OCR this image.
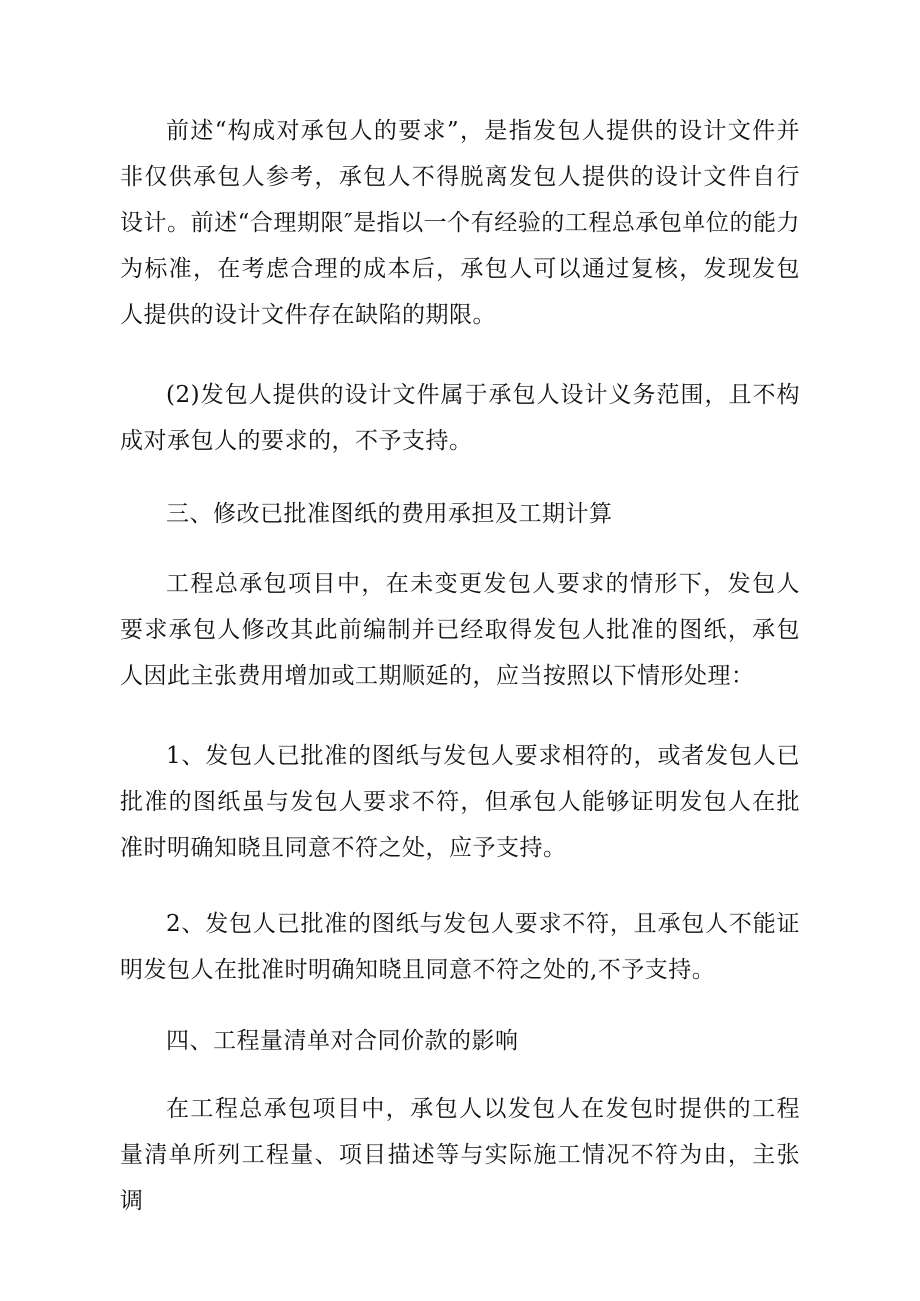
前述“构成对承包人的要求”，是指发包人提供的设计文件并非仅供承包人参考，承包人不得脱离发包人提供的设计文件自行设计。前述“合理期限″是指以一个有经验的工程总承包单位的能力为标准，在考虑合理的成本后，承包人可以通过复核，发现发包人提供的设计文件存在缺陷的期限。

(2)发包人提供的设计文件属于承包人设计义务范围，且不构成对承包人的要求的，不予支持。

三、修改已批准图纸的费用承担及工期计算

工程总承包项目中，在未变更发包人要求的情形下，发包人要求承包人修改其此前编制并已经取得发包人批准的图纸，承包人因此主张费用增加或工期顺延的，应当按照以下情形处理：

1、发包人已批准的图纸与发包人要求相符的，或者发包人已批准的图纸虽与发包人要求不符，但承包人能够证明发包人在批准时明确知晓且同意不符之处，应予支持。

2、发包人已批准的图纸与发包人要求不符，且承包人不能证明发包人在批准时明确知晓且同意不符之处的,不予支持。

四、工程量清单对合同价款的影响

在工程总承包项目中，承包人以发包人在发包时提供的工程量清单所列工程量、项目描述等与实际施工情况不符为由，主张调
